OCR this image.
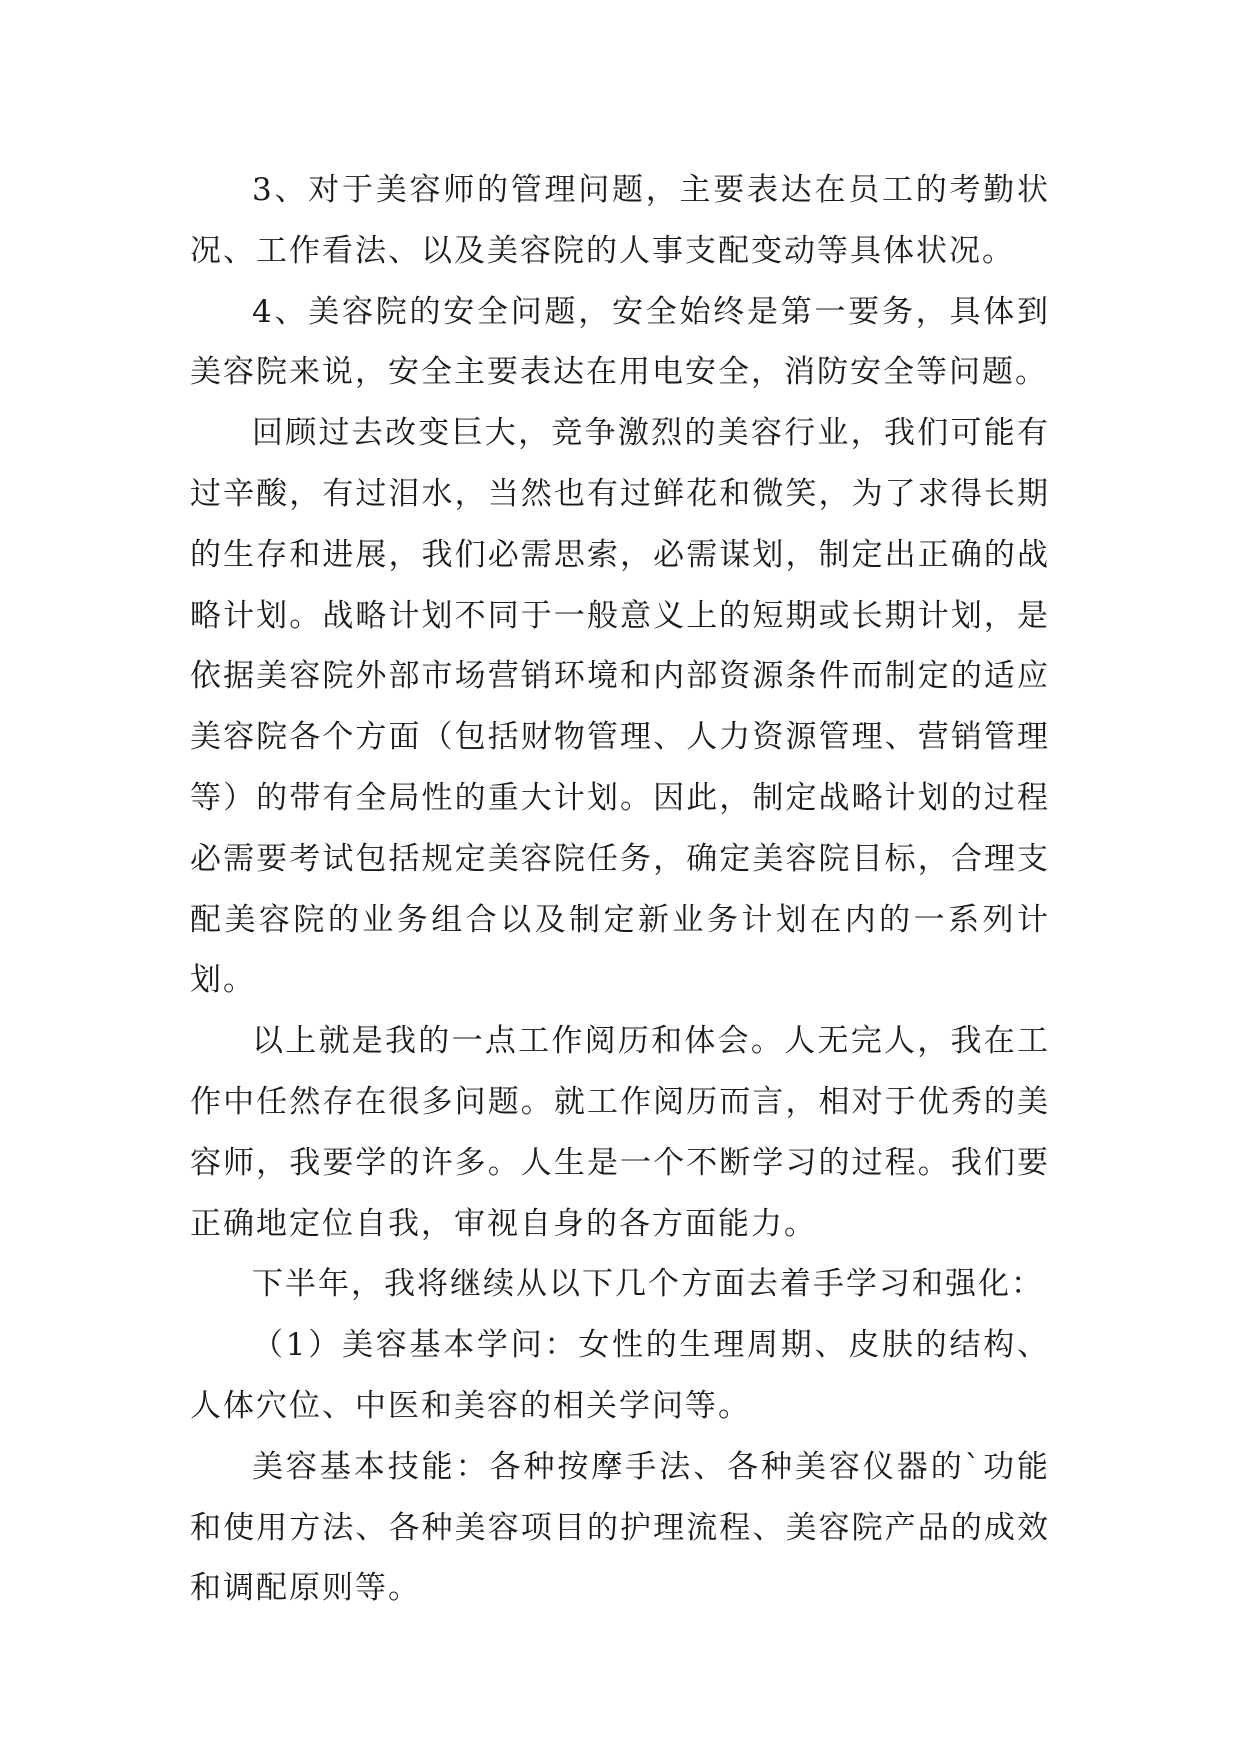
3、对于美容师的管理问题，主要表达在员工的考勤状况、工作看法、以及美容院的人事支配变动等具体状况。

4、美容院的安全问题，安全始终是第一要务，具体到美容院来说，安全主要表达在用电安全，消防安全等问题。

回顾过去改变巨大，竞争激烈的美容行业，我们可能有过辛酸，有过泪水，当然也有过鲜花和微笑，为了求得长期的生存和进展，我们必需思索，必需谋划，制定出正确的战略计划。战略计划不同于一般意义上的短期或长期计划，是依据美容院外部市场营销环境和内部资源条件而制定的适应美容院各个方面（包括财物管理、人力资源管理、营销管理等）的带有全局性的重大计划。因此，制定战略计划的过程必需要考试包括规定美容院任务，确定美容院目标，合理支配美容院的业务组合以及制定新业务计划在内的一系列计划。

以上就是我的一点工作阅历和体会。人无完人，我在工作中任然存在很多问题。就工作阅历而言，相对于优秀的美容师，我要学的许多。人生是一个不断学习的过程。我们要正确地定位自我，审视自身的各方面能力。

下半年，我将继续从以下几个方面去着手学习和强化：

（1）美容基本学问：女性的生理周期、皮肤的结构、人体穴位、中医和美容的相关学问等。

美容基本技能：各种按摩手法、各种美容仪器的`功能和使用方法、各种美容项目的护理流程、美容院产品的成效和调配原则等。
